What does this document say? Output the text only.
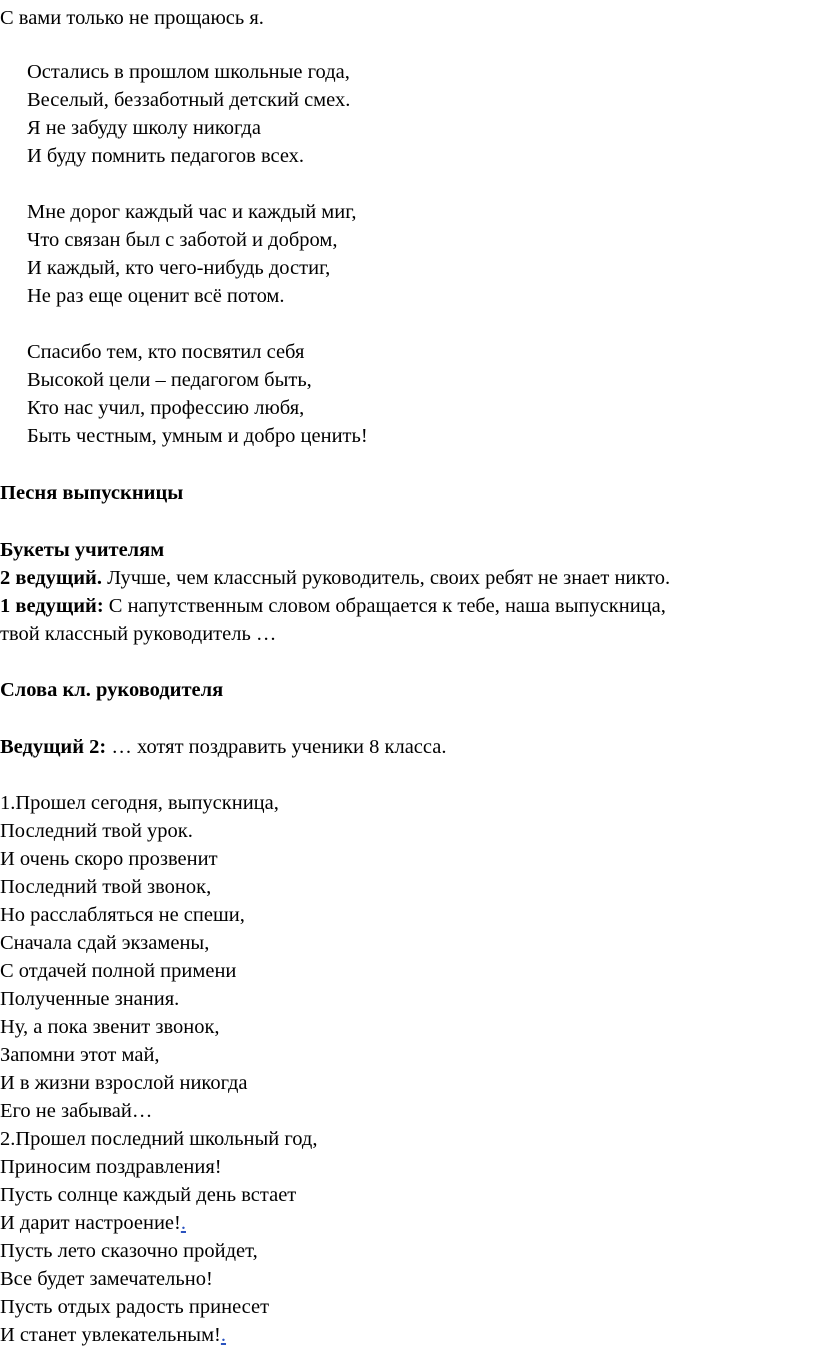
С вами только не прощаюсь я.
Остались в прошлом школьные года,
Веселый, беззаботный детский смех.
Я не забуду школу никогда
И буду помнить педагогов всех.
Мне дорог каждый час и каждый миг,
Что связан был с заботой и добром,
И каждый, кто чего-нибудь достиг,
Не раз еще оценит всё потом.
Спасибо тем, кто посвятил себя
Высокой цели – педагогом быть,
Кто нас учил, профессию любя,
Быть честным, умным и добро ценить!
Песня выпускницы
Букеты учителям
2 ведущий. Лучше, чем классный руководитель, своих ребят не знает никто.
1 ведущий: С напутственным словом обращается к тебе, наша выпускница,
твой классный руководитель …
Слова кл. руководителя
Ведущий 2: … хотят поздравить ученики 8 класса.
1.Прошел сегодня, выпускница,
Последний твой урок.
И очень скоро прозвенит
Последний твой звонок,
Но расслабляться не спеши,
Сначала сдай экзамены,
С отдачей полной примени
Полученные знания.
Ну, а пока звенит звонок,
Запомни этот май,
И в жизни взрослой никогда
Его не забывай…
2.Прошел последний школьный год,
Приносим поздравления!
Пусть солнце каждый день встает
И дарит настроение!.
Пусть лето сказочно пройдет,
Все будет замечательно!
Пусть отдых радость принесет
И станет увлекательным!.
